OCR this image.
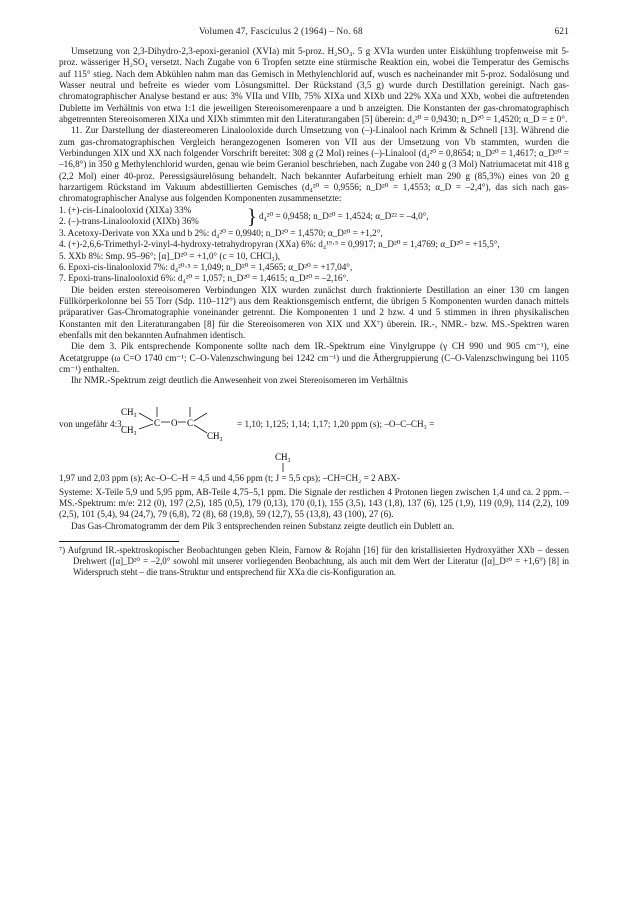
Volumen 47, Fasciculus 2 (1964) – No. 68	621

Umsetzung von 2,3-Dihydro-2,3-epoxi-geraniol (XVIa) mit 5-proz. H₂SO₄. 5 g XVIa wurden unter Eiskühlung tropfenweise mit 5-proz. wässeriger H₂SO₄ versetzt. Nach Zugabe von 6 Tropfen setzte eine stürmische Reaktion ein, wobei die Temperatur des Gemischs auf 115° stieg. Nach dem Abkühlen nahm man das Gemisch in Methylenchlorid auf, wusch es nacheinander mit 5-proz. Sodalösung und Wasser neutral und befreite es wieder vom Lösungsmittel. Der Rückstand (3,5 g) wurde durch Destillation gereinigt. Nach gas-chromatographischer Analyse bestand er aus: 3% VIIa und VIIb, 75% XIXa und XIXb und 22% XXa und XXb, wobei die auftretenden Dublette im Verhältnis von etwa 1:1 die jeweiligen Stereoisomerenpaare a und b anzeigten. Die Konstanten der gas-chromatographisch abgetrennten Stereoisomeren XIXa und XIXb stimmten mit den Literaturangaben [5] überein: d₄²⁰ = 0,9430; n_D²⁰ = 1,4520; α_D = ± 0°.

11. Zur Darstellung der diastereomeren Linalooloxide durch Umsetzung von (–)-Linalool nach Krimm & Schnell [13]. Während die zum gas-chromatographischen Vergleich herangezogenen Isomeren von VII aus der Umsetzung von Vb stammten, wurden die Verbindungen XIX und XX nach folgender Vorschrift bereitet: 308 g (2 Mol) reines (–)-Linalool (d₄²⁰ = 0,8654; n_D²⁰ = 1,4617; α_D²⁰ = –16,8°) in 350 g Methylenchlorid wurden, genau wie beim Geraniol beschrieben, nach Zugabe von 240 g (3 Mol) Natriumacetat mit 418 g (2,2 Mol) einer 40-proz. Peressigsäurelösung behandelt. Nach bekannter Aufarbeitung erhielt man 290 g (85,3%) eines von 20 g harzartigem Rückstand im Vakuum abdestillierten Gemisches (d₄²⁰ = 0,9556; n_D²⁰ = 1,4553; α_D = –2,4°), das sich nach gas-chromatographischer Analyse aus folgenden Komponenten zusammensetzte:

1. (+)-cis-Linalooloxid (XIXa) 33%
2. (–)-trans-Linalooloxid (XIXb) 36% } d₄²⁰ = 0,9458; n_D²⁰ = 1,4524; α_D²² = –4,0°,
3. Acetoxy-Derivate von XXa und b 2%: d₄²⁰ = 0,9940; n_D²⁰ = 1,4570; α_D²⁰ = +1,2°,
4. (+)-2,6,6-Trimethyl-2-vinyl-4-hydroxy-tetrahydropyran (XXa) 6%: d₄¹⁹·⁵ = 0,9917; n_D²⁰ = 1,4769; α_D²⁰ = +15,5°,
5. XXb 8%: Smp. 95–96°; [α]_D²⁰ = +1,0° (c = 10, CHCl₃),
6. Epoxi-cis-linalooloxid 7%: d₄²⁰·⁵ = 1,049; n_D²⁰ = 1,4565; α_D²⁰ = +17,04°,
7. Epoxi-trans-linalooloxid 6%: d₄²⁰ = 1,057; n_D²⁰ = 1,4615; α_D²⁰ = –2,16°.

Die beiden ersten stereoisomeren Verbindungen XIX wurden zunächst durch fraktionierte Destillation an einer 130 cm langen Füllkörperkolonne bei 55 Torr (Sdp. 110–112°) aus dem Reaktionsgemisch entfernt, die übrigen 5 Komponenten wurden danach mittels präparativer Gas-Chromatographie voneinander getrennt. Die Komponenten 1 und 2 bzw. 4 und 5 stimmen in ihren physikalischen Konstanten mit den Literaturangaben [8] für die Stereoisomeren von XIX und XX⁷) überein. IR.-, NMR.- bzw. MS.-Spektren waren ebenfalls mit den bekannten Aufnahmen identisch.

Die dem 3. Pik entsprechende Komponente sollte nach dem IR.-Spektrum eine Vinylgruppe (γ CH 990 und 905 cm⁻¹), eine Acetatgruppe (ω C=O 1740 cm⁻¹; C–O-Valenzschwingung bei 1242 cm⁻¹) und die Äthergruppierung (C–O-Valenzschwingung bei 1105 cm⁻¹) enthalten.

Ihr NMR.-Spektrum zeigt deutlich die Anwesenheit von zwei Stereoisomeren im Verhältnis

von ungefähr 4:3.
CH₃
CH₃
C O C
CH₃
= 1,10; 1,125; 1,14; 1,17; 1,20 ppm (s); –O–C–CH₃ =
CH₃
1,97 und 2,03 ppm (s); Ac–O–C–H = 4,5 und 4,56 ppm (t; J = 5,5 cps); –CH=CH₂ = 2 ABX-

Systeme: X-Teile 5,9 und 5,95 ppm, AB-Teile 4,75–5,1 ppm. Die Signale der restlichen 4 Protonen liegen zwischen 1,4 und ca. 2 ppm. – MS.-Spektrum: m/e: 212 (0), 197 (2,5), 185 (0,5), 179 (0,13), 170 (0,1), 155 (3,5), 143 (1,8), 137 (6), 125 (1,9), 119 (0,9), 114 (2,2), 109 (2,5), 101 (5,4), 94 (24,7), 79 (6,8), 72 (8), 68 (19,8), 59 (12,7), 55 (13,8), 43 (100), 27 (6).

Das Gas-Chromatogramm der dem Pik 3 entsprechenden reinen Substanz zeigte deutlich ein Dublett an.

⁷) Aufgrund IR.-spektroskopischer Beobachtungen geben Klein, Farnow & Rojahn [16] für den kristallisierten Hydroxyäther XXb – dessen Drehwert ([α]_D²⁰ = –2,0° sowohl mit unserer vorliegenden Beobachtung, als auch mit dem Wert der Literatur ([α]_D²⁰ = +1,6°) [8] in Widerspruch steht – die trans-Struktur und entsprechend für XXa die cis-Konfiguration an.
